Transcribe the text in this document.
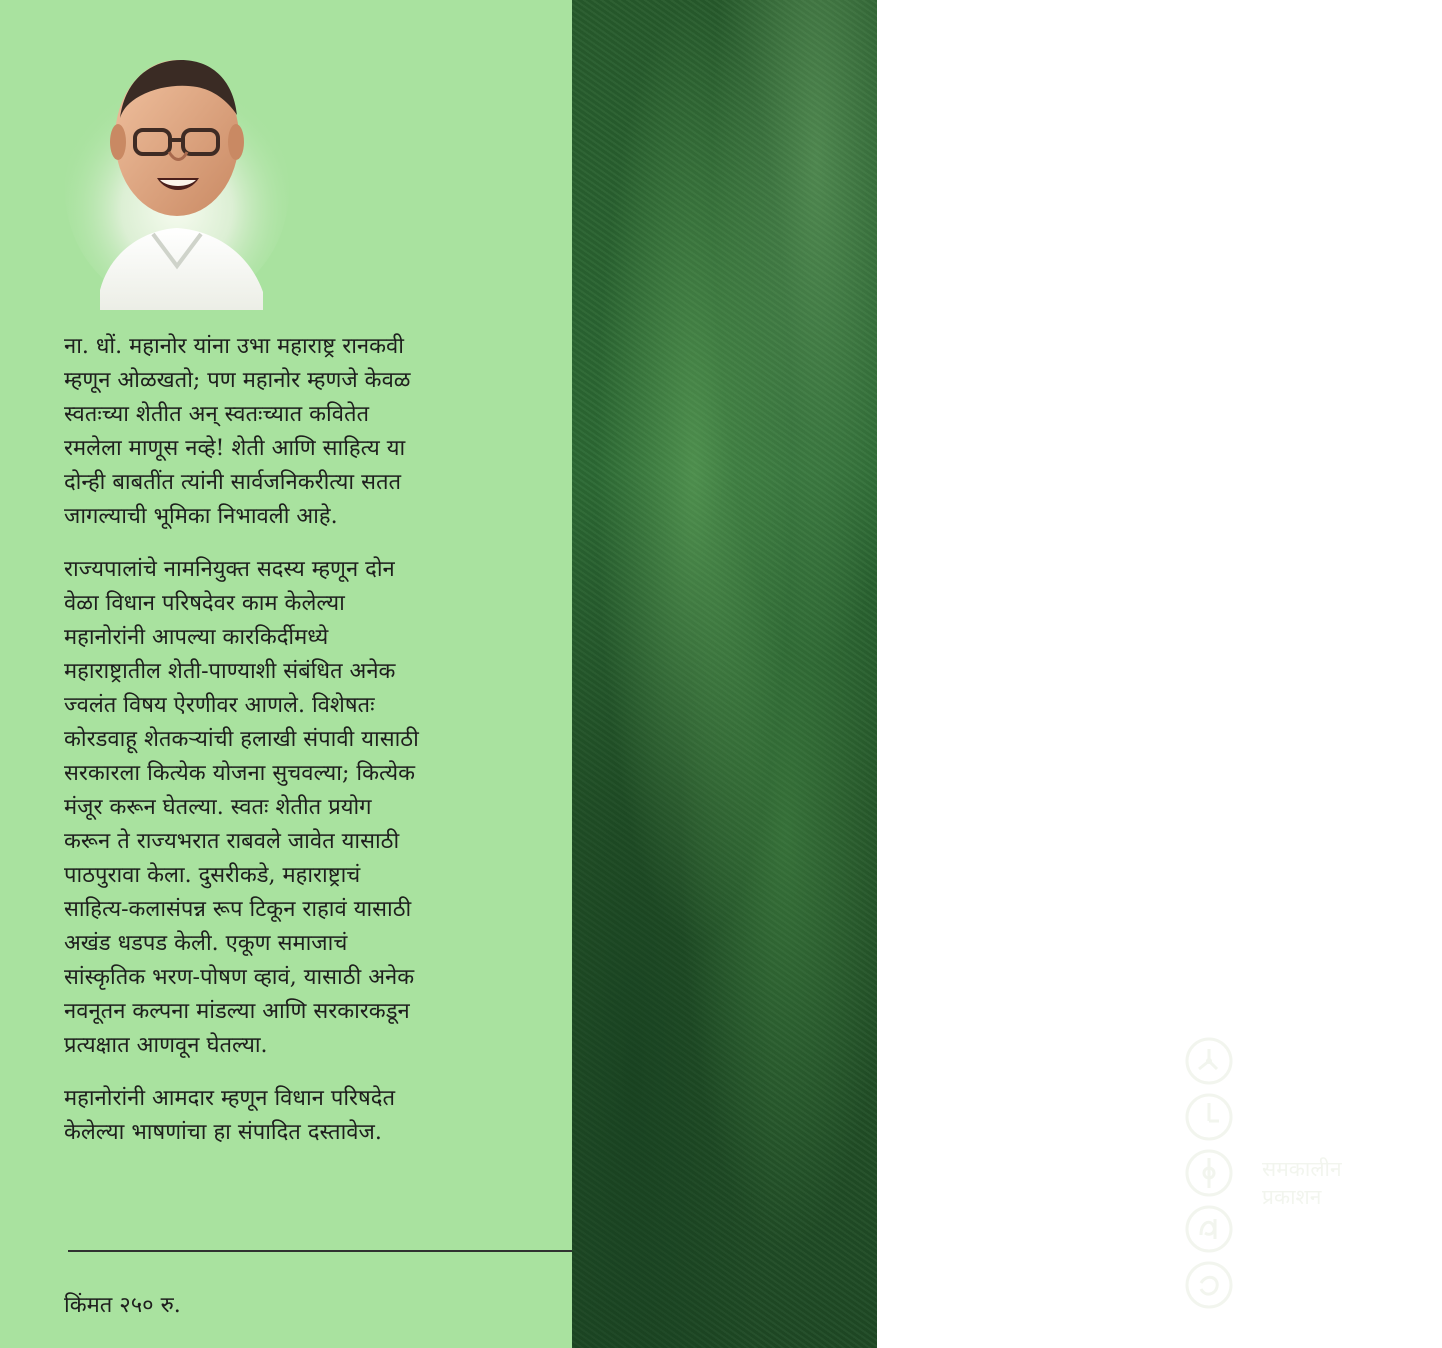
ना. धों. महानोर यांना उभा महाराष्ट्र रानकवी
म्हणून ओळखतो; पण महानोर म्हणजे केवळ
स्वतःच्या शेतीत अन् स्वतःच्यात कवितेत
रमलेला माणूस नव्हे! शेती आणि साहित्य या
दोन्ही बाबतींत त्यांनी सार्वजनिकरीत्या सतत
जागल्याची भूमिका निभावली आहे.

राज्यपालांचे नामनियुक्त सदस्य म्हणून दोन
वेळा विधान परिषदेवर काम केलेल्या
महानोरांनी आपल्या कारकिर्दीमध्ये
महाराष्ट्रातील शेती-पाण्याशी संबंधित अनेक
ज्वलंत विषय ऐरणीवर आणले. विशेषतः
कोरडवाहू शेतकऱ्यांची हलाखी संपावी यासाठी
सरकारला कित्येक योजना सुचवल्या; कित्येक
मंजूर करून घेतल्या. स्वतः शेतीत प्रयोग
करून ते राज्यभरात राबवले जावेत यासाठी
पाठपुरावा केला. दुसरीकडे, महाराष्ट्राचं
साहित्य-कलासंपन्न रूप टिकून राहावं यासाठी
अखंड धडपड केली. एकूण समाजाचं
सांस्कृतिक भरण-पोषण व्हावं, यासाठी अनेक
नवनूतन कल्पना मांडल्या आणि सरकारकडून
प्रत्यक्षात आणवून घेतल्या.

महानोरांनी आमदार म्हणून विधान परिषदेत
केलेल्या भाषणांचा हा संपादित दस्तावेज.

किंमत २५० रु.
समकालीन
प्रकाशन
